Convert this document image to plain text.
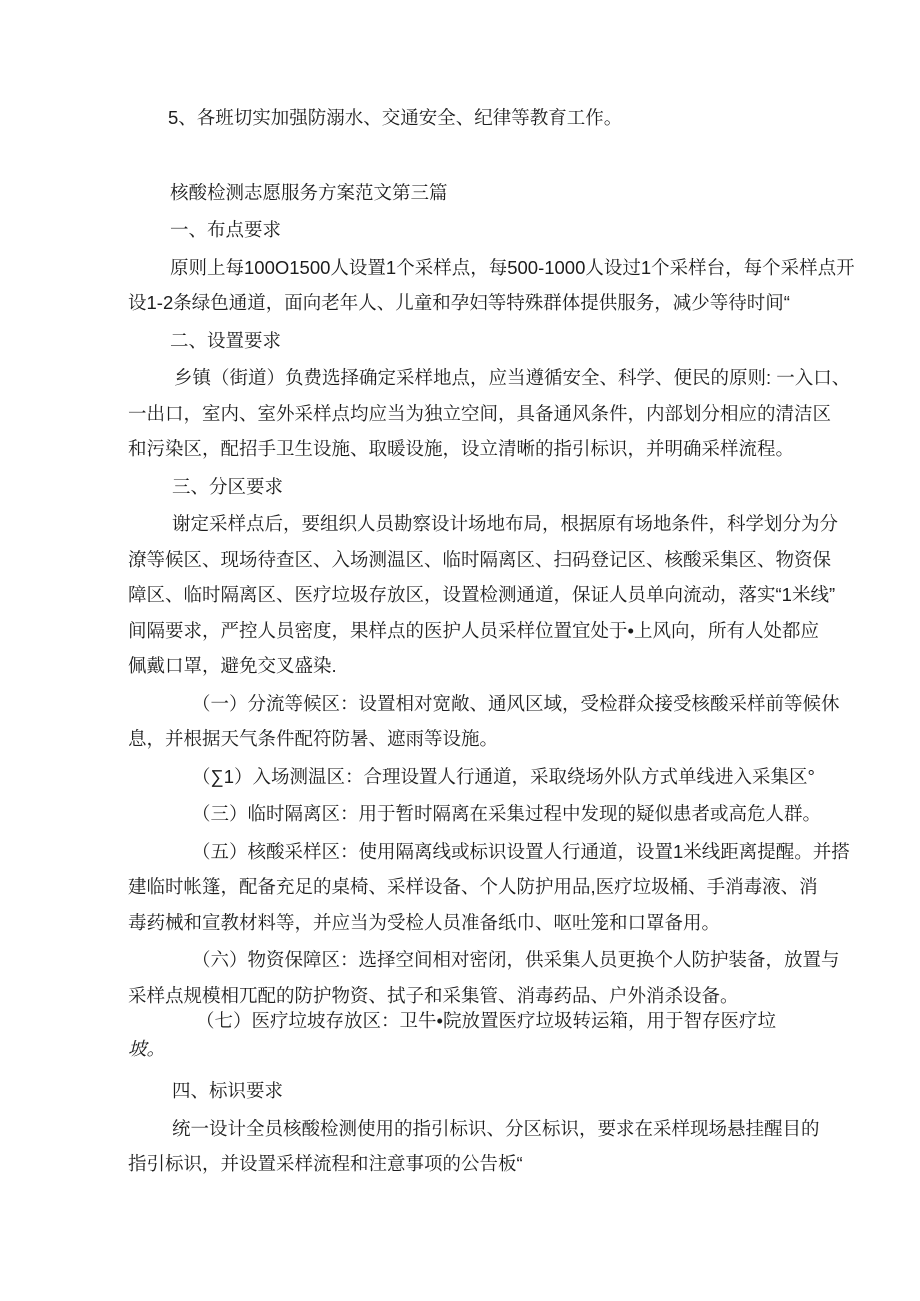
5、各班切实加强防溺水、交通安全、纪律等教育工作。
核酸检测志愿服务方案范文第三篇
一、布点要求
原则上每100O1500人设置1个采样点，每500-1000人设过1个采样台，每个采样点开
设1-2条绿色通道，面向老年人、儿童和孕妇等特殊群体提供服务，减少等待时间“
二、设置要求
乡镇（街道）负费选择确定采样地点，应当遵循安全、科学、便民的原则: 一入口、
一出口，室内、室外采样点均应当为独立空间，具备通风条件，内部划分相应的清洁区
和污染区，配招手卫生设施、取暖设施，设立清晰的指引标识，并明确采样流程。
三、分区要求
谢定采样点后，要组织人员勘察设计场地布局，根据原有场地条件，科学划分为分
潦等候区、现场待查区、入场测温区、临时隔离区、扫码登记区、核酸采集区、物资保
障区、临时隔离区、医疗垃圾存放区，设置检测通道，保证人员单向流动，落实“1米线”
间隔要求，严控人员密度，果样点的医护人员采样位置宜处于•上风向，所有人处都应
佩戴口罩，避免交叉盛染.
（一）分流等候区：设置相对宽敞、通风区域，受检群众接受核酸采样前等候休
息，并根据天气条件配符防暑、遮雨等设施。
（∑1）入场测温区：合理设置人行通道，采取绕场外队方式单线进入采集区°
（三）临时隔离区：用于暂时隔离在采集过程中发现的疑似患者或高危人群。
（五）核酸采样区：使用隔离线或标识设置人行通道，设置1米线距离提醒。并搭
建临时帐篷，配备充足的桌椅、采样设备、个人防护用品,医疗垃圾桶、手消毒液、消
毒药械和宣教材料等，并应当为受检人员准备纸巾、呕吐笼和口罩备用。
（六）物资保障区：选择空间相对密闭，供采集人员更换个人防护装备，放置与
采样点规模相兀配的防护物资、拭子和采集管、消毒药品、户外消杀设备。
（七）医疗垃坡存放区：卫牛•院放置医疗垃圾转运箱，用于智存医疗垃
坡。
四、标识要求
统一设计全员核酸检测使用的指引标识、分区标识，要求在采样现场悬挂醒目的
指引标识，并设置采样流程和注意事项的公告板“
